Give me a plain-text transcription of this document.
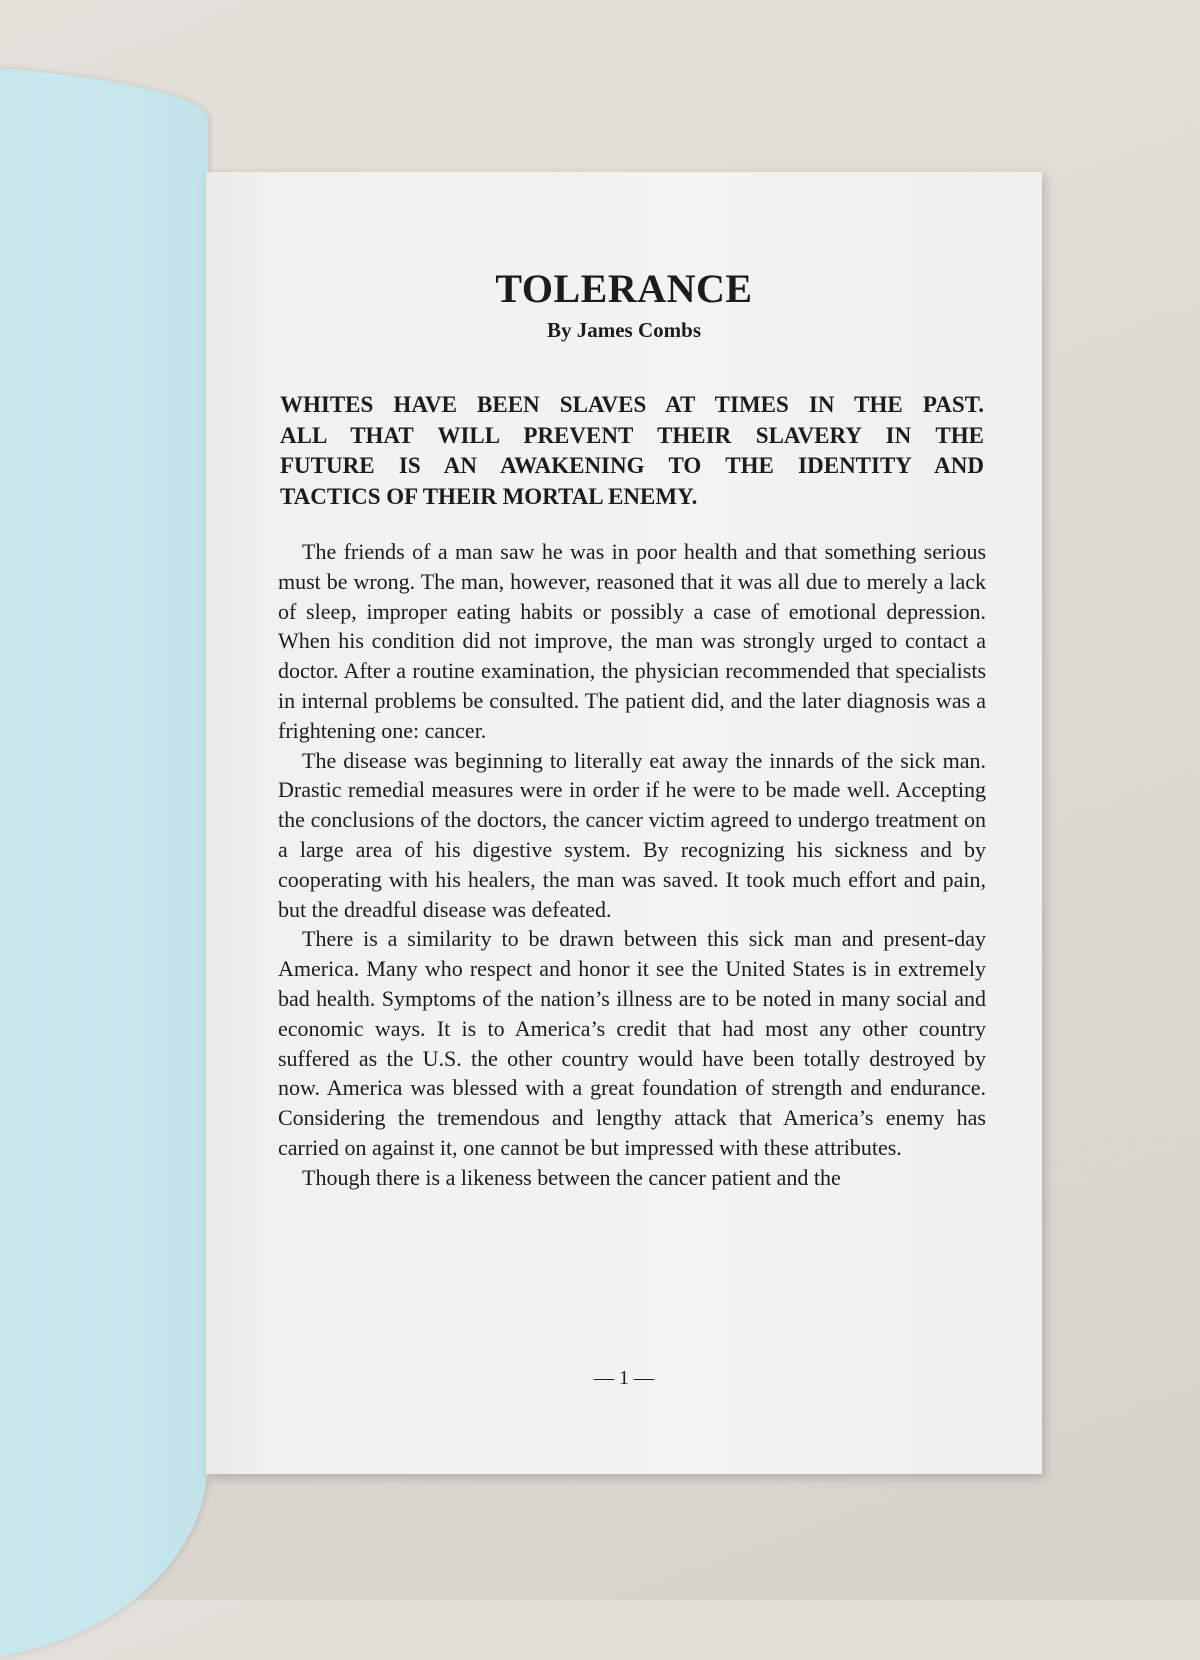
TOLERANCE
By James Combs
WHITES HAVE BEEN SLAVES AT TIMES IN THE PAST.
ALL THAT WILL PREVENT THEIR SLAVERY IN THE
FUTURE IS AN AWAKENING TO THE IDENTITY AND
TACTICS OF THEIR MORTAL ENEMY.

The friends of a man saw he was in poor health and that something serious must be wrong. The man, however, reasoned that it was all due to merely a lack of sleep, improper eating habits or possibly a case of emotional depression. When his condition did not improve, the man was strongly urged to contact a doctor. After a routine examination, the physician recommended that specialists in internal problems be consulted. The patient did, and the later diagnosis was a frightening one: cancer.

The disease was beginning to literally eat away the innards of the sick man. Drastic remedial measures were in order if he were to be made well. Accepting the conclusions of the doctors, the cancer victim agreed to undergo treatment on a large area of his digestive system. By recognizing his sickness and by cooperating with his healers, the man was saved. It took much effort and pain, but the dreadful disease was defeated.

There is a similarity to be drawn between this sick man and present-day America. Many who respect and honor it see the United States is in extremely bad health. Symptoms of the nation’s illness are to be noted in many social and economic ways. It is to America’s credit that had most any other country suffered as the U.S. the other country would have been totally destroyed by now. America was blessed with a great foundation of strength and endurance. Considering the tremendous and lengthy attack that America’s enemy has carried on against it, one cannot be but impressed with these attributes.

Though there is a likeness between the cancer patient and the

— 1 —
